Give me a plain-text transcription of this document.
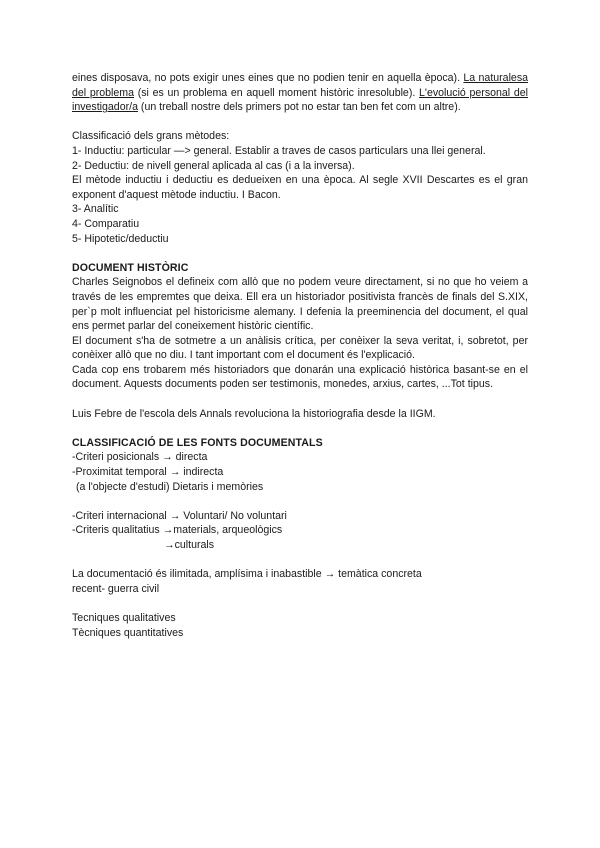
eines disposava, no pots exigir unes eines que no podien tenir en aquella època). La naturalesa del problema (si es un problema en aquell moment històric inresoluble). L'evolució personal del investigador/a (un treball nostre dels primers pot no estar tan ben fet com un altre).

Classificació dels grans mètodes:

1- Inductiu: particular —> general. Establir a traves de casos particulars una llei general.

2- Deductiu: de nivell general aplicada al cas (i a la inversa).

El mètode inductiu i deductiu es dedueixen en una època. Al segle XVII Descartes es el gran exponent d'aquest mètode inductiu. I Bacon.

3- Analític

4- Comparatiu

5- Hipotetic/deductiu

DOCUMENT HISTÒRIC

Charles Seignobos el defineix com allò que no podem veure directament, si no que ho veiem a través de les empremtes que deixa. Ell era un historiador positivista francès de finals del S.XIX, per`p molt influenciat pel historicisme alemany. I defenia la preeminencia del document, el qual ens permet parlar del coneixement històric científic.

El document s'ha de sotmetre a un anàlisis crítica, per conèixer la seva veritat, i, sobretot, per conèixer allò que no diu. I tant important com el document és l'explicació.

Cada cop ens trobarem més historiadors que donarán una explicació històrica basant-se en el document. Aquests documents poden ser testimonis, monedes, arxius, cartes, ...Tot tipus.

Luis Febre de l'escola dels Annals revoluciona la historiografia desde la IIGM.

CLASSIFICACIÓ DE LES FONTS DOCUMENTALS

-Criteri posicionals → directa

-Proximitat temporal → indirecta

(a l'objecte d'estudi) Dietaris i memòries

-Criteri internacional → Voluntari/ No voluntari

-Criteris qualitatius →materials, arqueològics

→culturals

La documentació és ilimitada, amplísima i inabastible → temàtica concreta

recent- guerra civil

Tecniques qualitatives

Tècniques quantitatives
